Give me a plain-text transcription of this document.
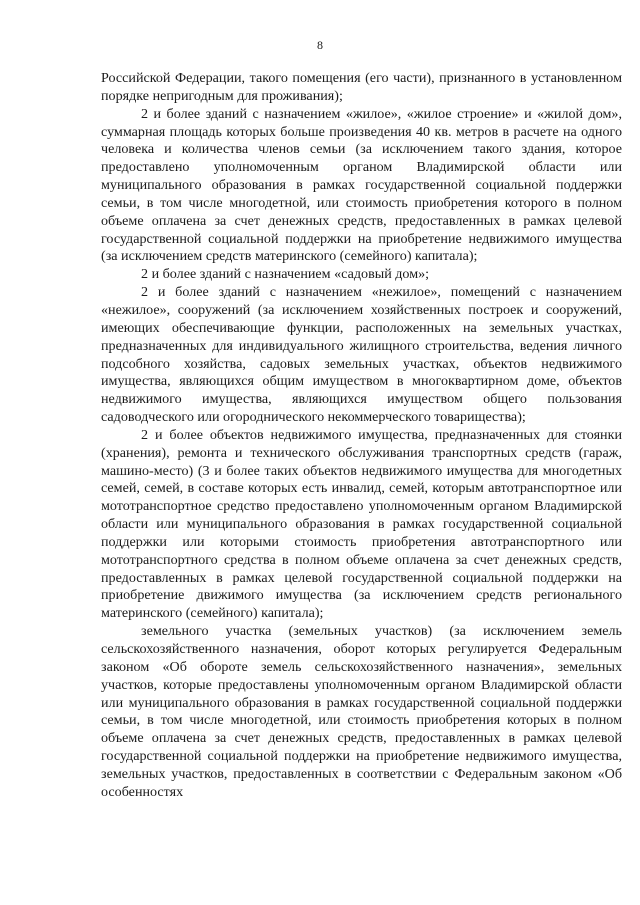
8

Российской Федерации, такого помещения (его части), признанного в установленном порядке непригодным для проживания);

2 и более зданий с назначением «жилое», «жилое строение» и «жилой дом», суммарная площадь которых больше произведения 40 кв. метров в расчете на одного человека и количества членов семьи (за исключением такого здания, которое предоставлено уполномоченным органом Владимирской области или муниципального образования в рамках государственной социальной поддержки семьи, в том числе многодетной, или стоимость приобретения которого в полном объеме оплачена за счет денежных средств, предоставленных в рамках целевой государственной социальной поддержки на приобретение недвижимого имущества (за исключением средств материнского (семейного) капитала);

2 и более зданий с назначением «садовый дом»;

2 и более зданий с назначением «нежилое», помещений с назначением «нежилое», сооружений (за исключением хозяйственных построек и сооружений, имеющих обеспечивающие функции, расположенных на земельных участках, предназначенных для индивидуального жилищного строительства, ведения личного подсобного хозяйства, садовых земельных участках, объектов недвижимого имущества, являющихся общим имуществом в многоквартирном доме, объектов недвижимого имущества, являющихся имуществом общего пользования садоводческого или огороднического некоммерческого товарищества);

2 и более объектов недвижимого имущества, предназначенных для стоянки (хранения), ремонта и технического обслуживания транспортных средств (гараж, машино-место) (3 и более таких объектов недвижимого имущества для многодетных семей, семей, в составе которых есть инвалид, семей, которым автотранспортное или мототранспортное средство предоставлено уполномоченным органом Владимирской области или муниципального образования в рамках государственной социальной поддержки или которыми стоимость приобретения автотранспортного или мототранспортного средства в полном объеме оплачена за счет денежных средств, предоставленных в рамках целевой государственной социальной поддержки на приобретение движимого имущества (за исключением средств регионального материнского (семейного) капитала);

земельного участка (земельных участков) (за исключением земель сельскохозяйственного назначения, оборот которых регулируется Федеральным законом «Об обороте земель сельскохозяйственного назначения», земельных участков, которые предоставлены уполномоченным органом Владимирской области или муниципального образования в рамках государственной социальной поддержки семьи, в том числе многодетной, или стоимость приобретения которых в полном объеме оплачена за счет денежных средств, предоставленных в рамках целевой государственной социальной поддержки на приобретение недвижимого имущества, земельных участков, предоставленных в соответствии с Федеральным законом «Об особенностях
